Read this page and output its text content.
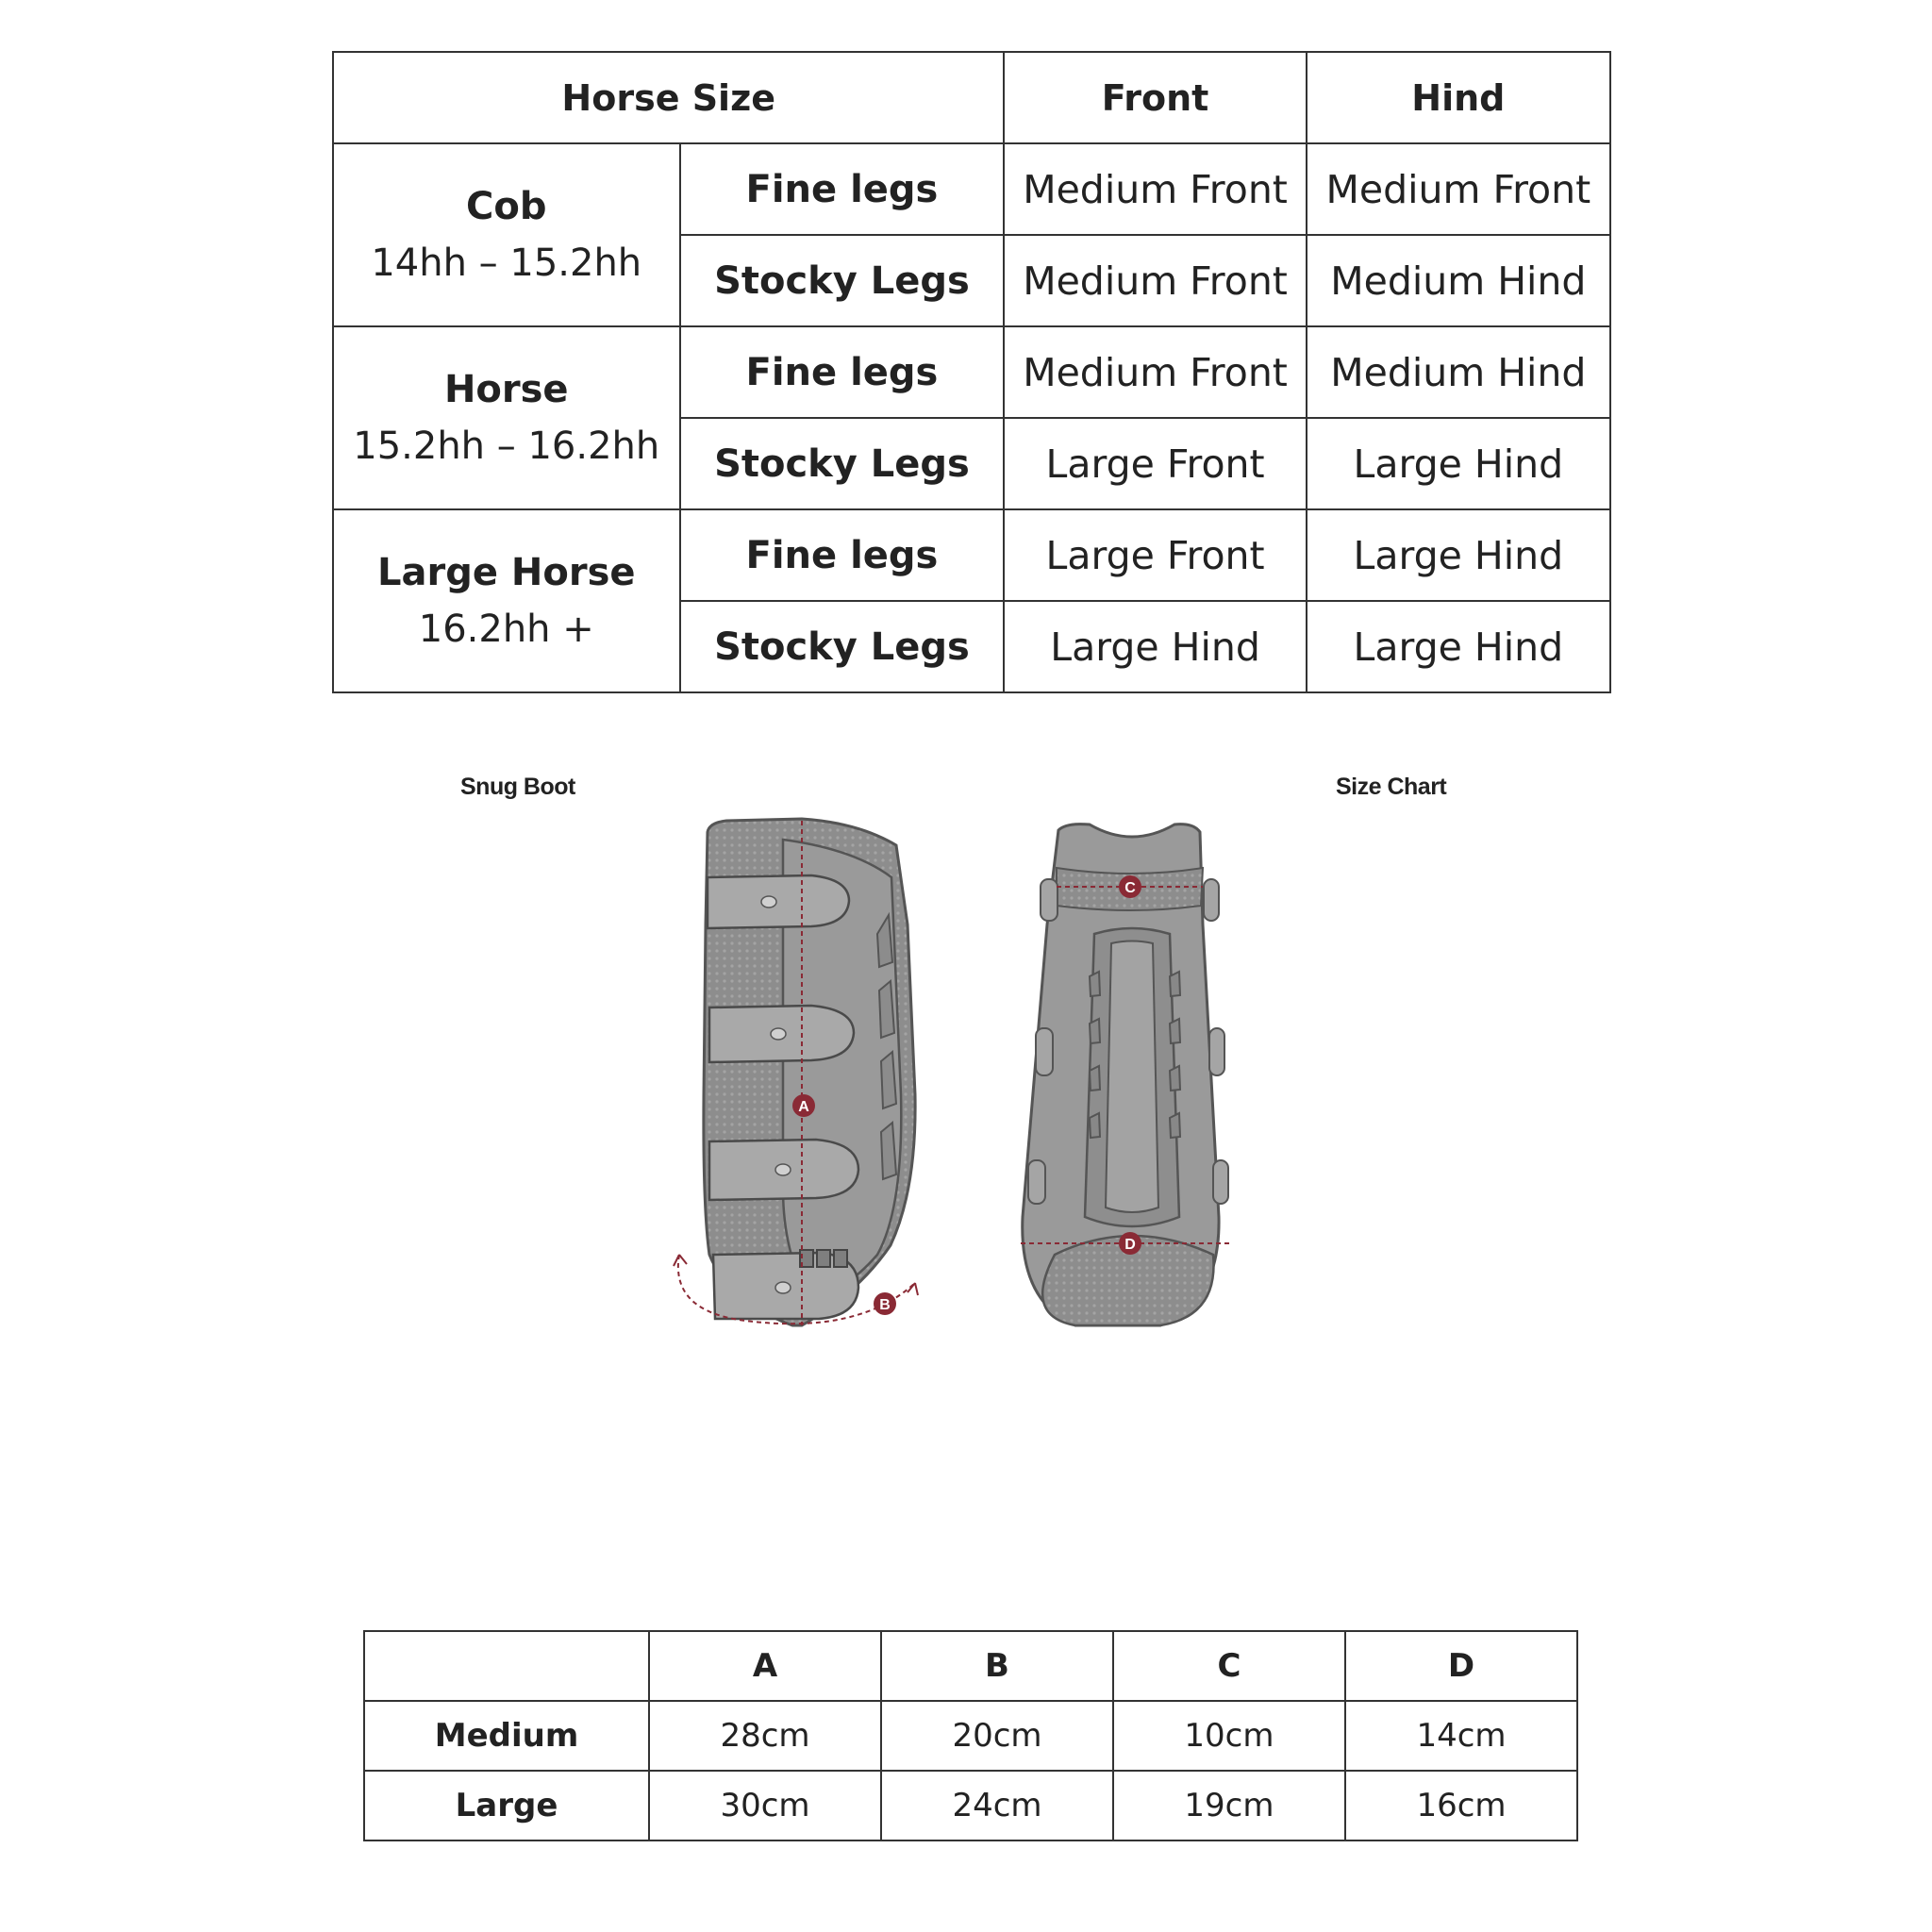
Horse Size		Front	Hind

Cob
14hh – 15.2hh	Fine legs	Medium Front	Medium Front
	Stocky Legs	Medium Front	Medium Hind

Horse
15.2hh – 16.2hh	Fine legs	Medium Front	Medium Hind
	Stocky Legs	Large Front	Large Hind

Large Horse
16.2hh +	Fine legs	Large Front	Large Hind
	Stocky Legs	Large Hind	Large Hind
Snug Boot	Size Chart
A
B
C
D
	A	B	C	D
Medium	28cm	20cm	10cm	14cm
Large	30cm	24cm	19cm	16cm
